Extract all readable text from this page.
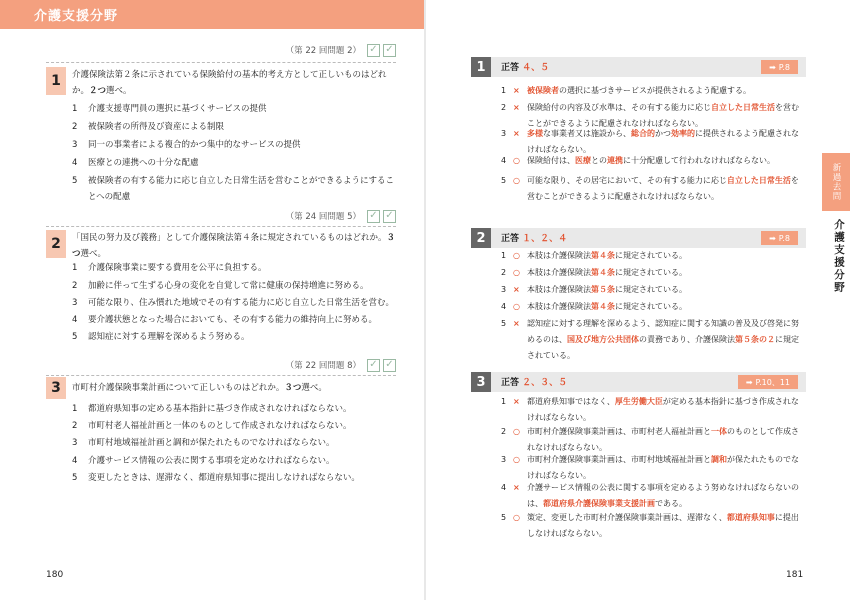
介護支援分野
（第 22 回問題 2） ✓ ✓
1	介護保険法第２条に示されている保険給付の基本的考え方として正しいものはどれか。２つ選べ。
1	介護支援専門員の選択に基づくサービスの提供
2	被保険者の所得及び資産による制限
3	同一の事業者による複合的かつ集中的なサービスの提供
4	医療との連携への十分な配慮
5	被保険者の有する能力に応じ自立した日常生活を営むことができるようにすることへの配慮
（第 24 回問題 5） ✓ ✓
2	「国民の努力及び義務」として介護保険法第４条に規定されているものはどれか。３つ選べ。
1	介護保険事業に要する費用を公平に負担する。
2	加齢に伴って生ずる心身の変化を自覚して常に健康の保持増進に努める。
3	可能な限り、住み慣れた地域でその有する能力に応じ自立した日常生活を営む。
4	要介護状態となった場合においても、その有する能力の維持向上に努める。
5	認知症に対する理解を深めるよう努める。
（第 22 回問題 8） ✓ ✓
3	市町村介護保険事業計画について正しいものはどれか。３つ選べ。
1	都道府県知事の定める基本指針に基づき作成されなければならない。
2	市町村老人福祉計画と一体のものとして作成されなければならない。
3	市町村地域福祉計画と調和が保たれたものでなければならない。
4	介護サービス情報の公表に関する事項を定めなければならない。
5	変更したときは、遅滞なく、都道府県知事に提出しなければならない。
180
新過去問
介護支援分野
1	正答 ４、５	➡ P.8
1 × 被保険者の選択に基づきサービスが提供されるよう配慮する。
2 × 保険給付の内容及び水準は、その有する能力に応じ自立した日常生活を営むことができるように配慮されなければならない。
3 × 多様な事業者又は施設から、総合的かつ効率的に提供されるよう配慮されなければならない。
4 ○ 保険給付は、医療との連携に十分配慮して行われなければならない。
5 ○ 可能な限り、その居宅において、その有する能力に応じ自立した日常生活を営むことができるように配慮されなければならない。
2	正答 １、２、４	➡ P.8
1 ○ 本肢は介護保険法第４条に規定されている。
2 ○ 本肢は介護保険法第４条に規定されている。
3 × 本肢は介護保険法第５条に規定されている。
4 ○ 本肢は介護保険法第４条に規定されている。
5 × 認知症に対する理解を深めるよう、認知症に関する知識の普及及び啓発に努めるのは、国及び地方公共団体の責務であり、介護保険法第５条の２に規定されている。
3	正答 ２、３、５	➡ P.10、11
1 × 都道府県知事ではなく、厚生労働大臣が定める基本指針に基づき作成されなければならない。
2 ○ 市町村介護保険事業計画は、市町村老人福祉計画と一体のものとして作成されなければならない。
3 ○ 市町村介護保険事業計画は、市町村地域福祉計画と調和が保たれたものでなければならない。
4 × 介護サービス情報の公表に関する事項を定めるよう努めなければならないのは、都道府県介護保険事業支援計画である。
5 ○ 策定、変更した市町村介護保険事業計画は、遅滞なく、都道府県知事に提出しなければならない。
181
